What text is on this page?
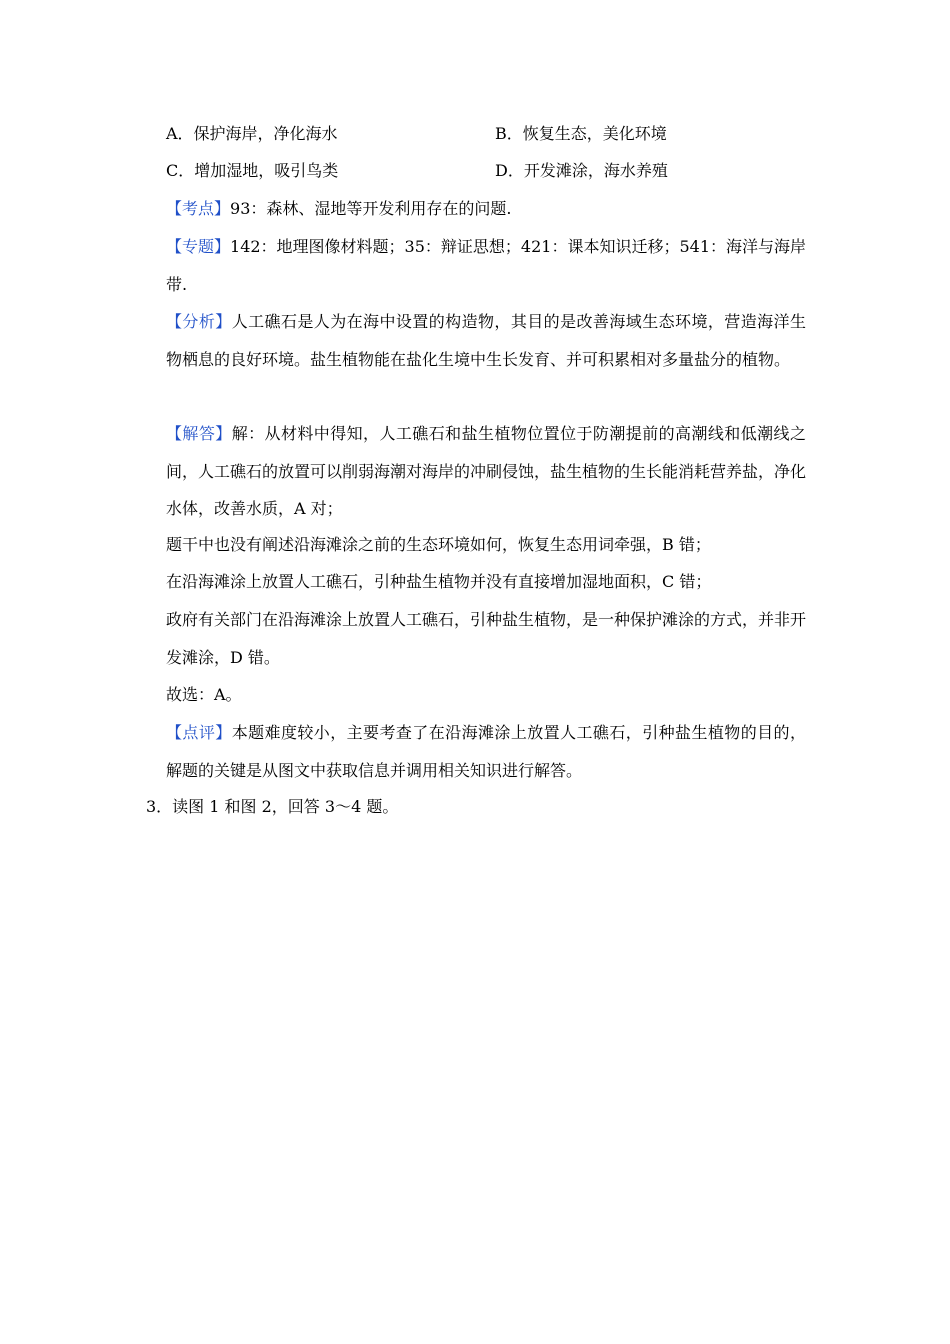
A．保护海岸，净化海水	B．恢复生态，美化环境
C．增加湿地，吸引鸟类	D．开发滩涂，海水养殖
【考点】93：森林、湿地等开发利用存在的问题.
【专题】142：地理图像材料题；35：辩证思想；421：课本知识迁移；541：海洋与海岸带.
【分析】人工礁石是人为在海中设置的构造物，其目的是改善海域生态环境，营造海洋生物栖息的良好环境。盐生植物能在盐化生境中生长发育、并可积累相对多量盐分的植物。
【解答】解：从材料中得知，人工礁石和盐生植物位置位于防潮提前的高潮线和低潮线之间，人工礁石的放置可以削弱海潮对海岸的冲刷侵蚀，盐生植物的生长能消耗营养盐，净化水体，改善水质，A 对；
题干中也没有阐述沿海滩涂之前的生态环境如何，恢复生态用词牵强，B 错；
在沿海滩涂上放置人工礁石，引种盐生植物并没有直接增加湿地面积，C 错；
政府有关部门在沿海滩涂上放置人工礁石，引种盐生植物，是一种保护滩涂的方式，并非开发滩涂，D 错。
故选：A。
【点评】本题难度较小，主要考查了在沿海滩涂上放置人工礁石，引种盐生植物的目的，解题的关键是从图文中获取信息并调用相关知识进行解答。
3．读图 1 和图 2，回答 3～4 题。
